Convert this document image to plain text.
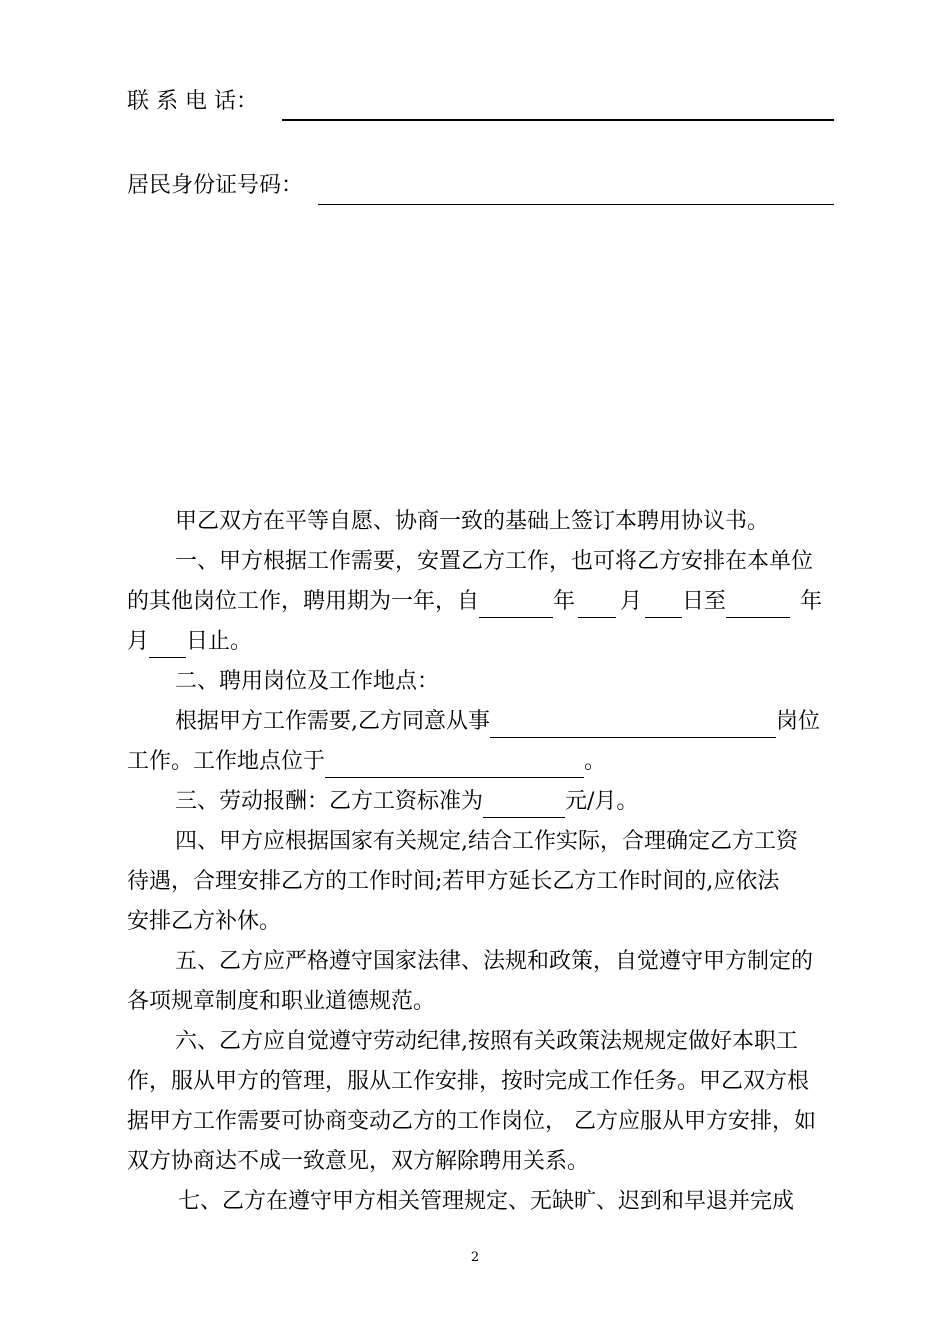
联 系 电 话：
居民身份证号码：
甲乙双方在平等自愿、协商一致的基础上签订本聘用协议书。
一、甲方根据工作需要，安置乙方工作，也可将乙方安排在本单位
的其他岗位工作，聘用期为一年，自	年 月 日至	年
月 日止。
二、聘用岗位及工作地点：
根据甲方工作需要,乙方同意从事	岗位
工作。工作地点位于	。
三、劳动报酬：乙方工资标准为	元/月。
四、甲方应根据国家有关规定,结合工作实际，合理确定乙方工资
待遇，合理安排乙方的工作时间;若甲方延长乙方工作时间的,应依法
安排乙方补休。
五、乙方应严格遵守国家法律、法规和政策，自觉遵守甲方制定的
各项规章制度和职业道德规范。
六、乙方应自觉遵守劳动纪律,按照有关政策法规规定做好本职工
作，服从甲方的管理，服从工作安排，按时完成工作任务。甲乙双方根
据甲方工作需要可协商变动乙方的工作岗位， 乙方应服从甲方安排，如
双方协商达不成一致意见，双方解除聘用关系。
七、乙方在遵守甲方相关管理规定、无缺旷、迟到和早退并完成
2
